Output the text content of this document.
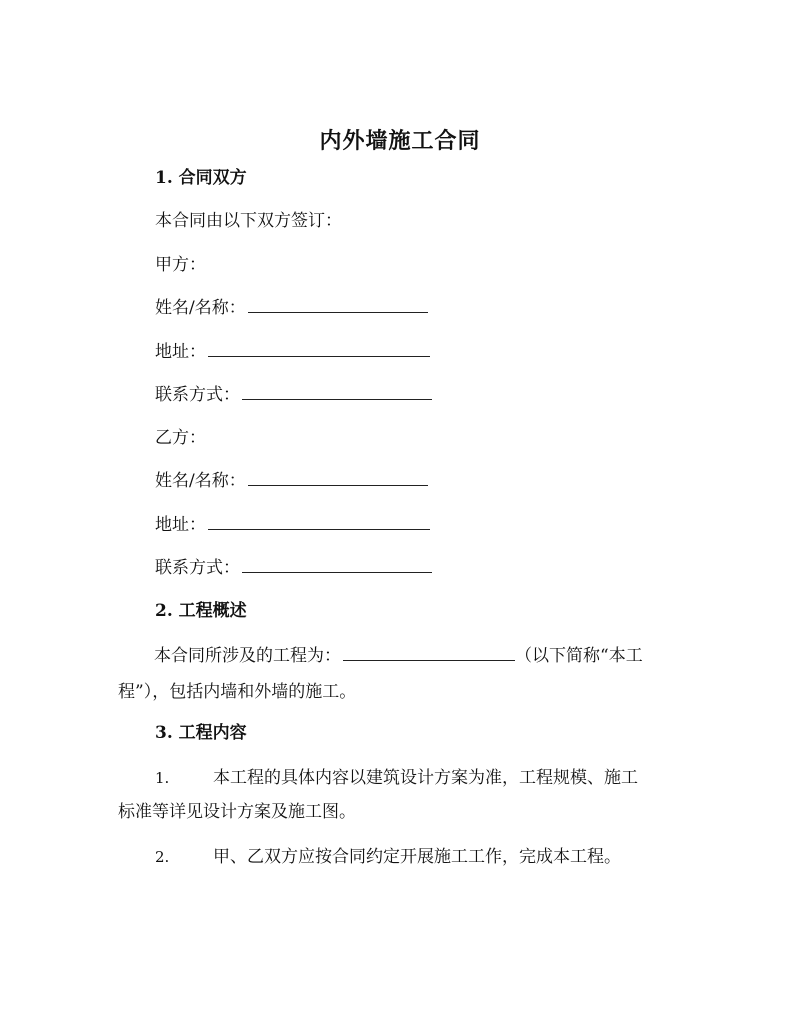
内外墙施工合同
1. 合同双方
本合同由以下双方签订：
甲方：
姓名/名称：
地址：
联系方式：
乙方：
姓名/名称：
地址：
联系方式：
2. 工程概述
本合同所涉及的工程为：	（以下简称“本工程”），包括内墙和外墙的施工。
3. 工程内容
1.	本工程的具体内容以建筑设计方案为准，工程规模、施工
标准等详见设计方案及施工图。
2.	甲、乙双方应按合同约定开展施工工作，完成本工程。
